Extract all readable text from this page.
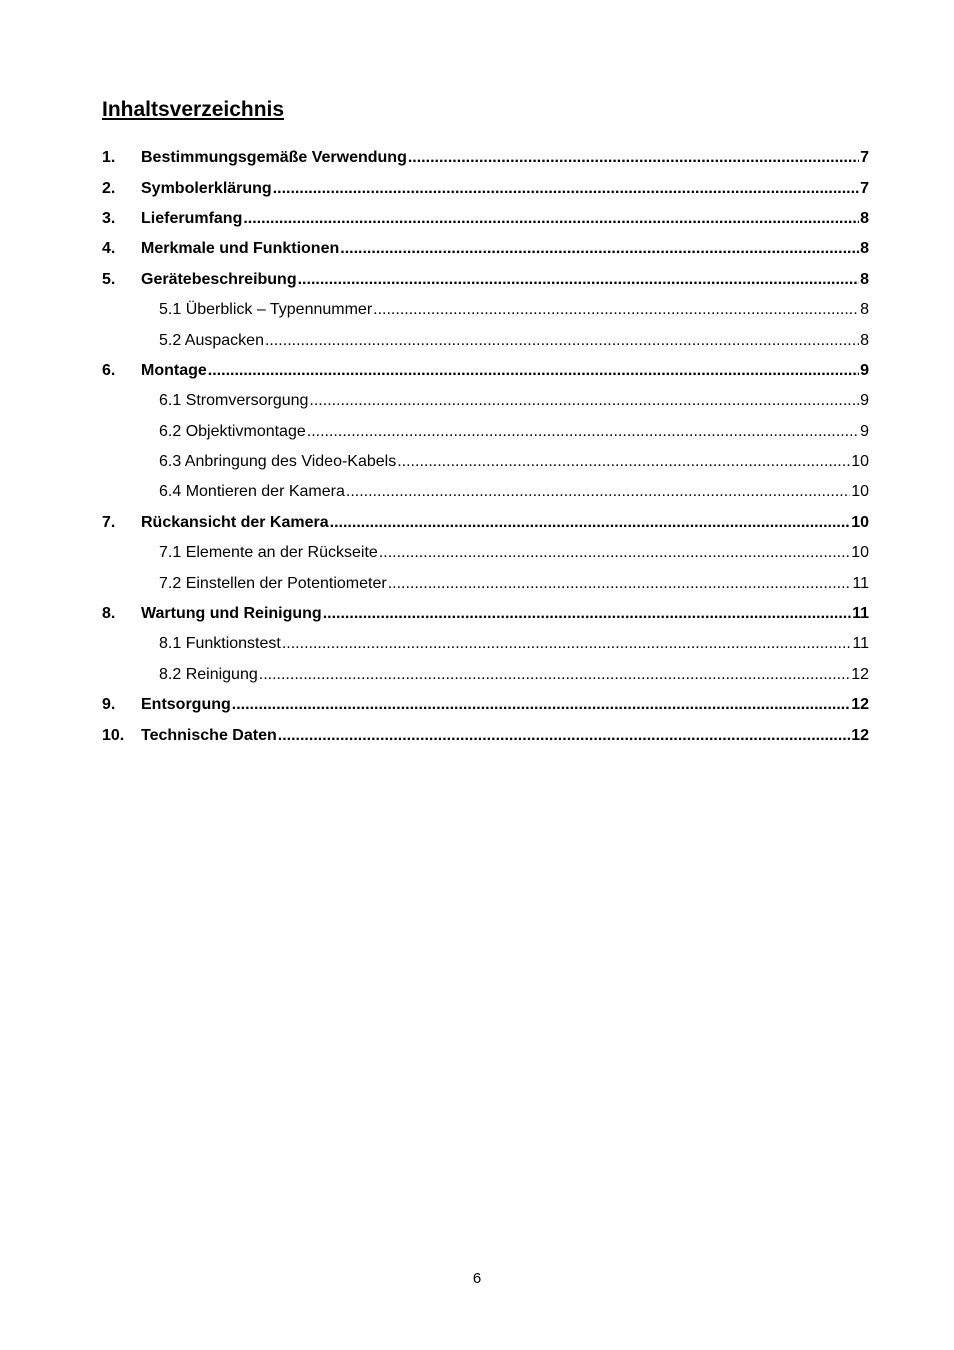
Inhaltsverzeichnis
1.	Bestimmungsgemäße Verwendung .....	7
2.	Symbolerklärung .....	7
3.	Lieferumfang .....	8
4.	Merkmale und Funktionen .....	8
5.	Gerätebeschreibung .....	8
5.1 Überblick – Typennummer .....	8
5.2 Auspacken .....	8
6.	Montage .....	9
6.1 Stromversorgung .....	9
6.2 Objektivmontage .....	9
6.3 Anbringung des Video-Kabels .....	10
6.4 Montieren der Kamera .....	10
7.	Rückansicht der Kamera .....	10
7.1 Elemente an der Rückseite .....	10
7.2 Einstellen der Potentiometer .....	11
8.	Wartung und Reinigung .....	11
8.1 Funktionstest .....	11
8.2 Reinigung .....	12
9.	Entsorgung .....	12
10.	Technische Daten .....	12
6
